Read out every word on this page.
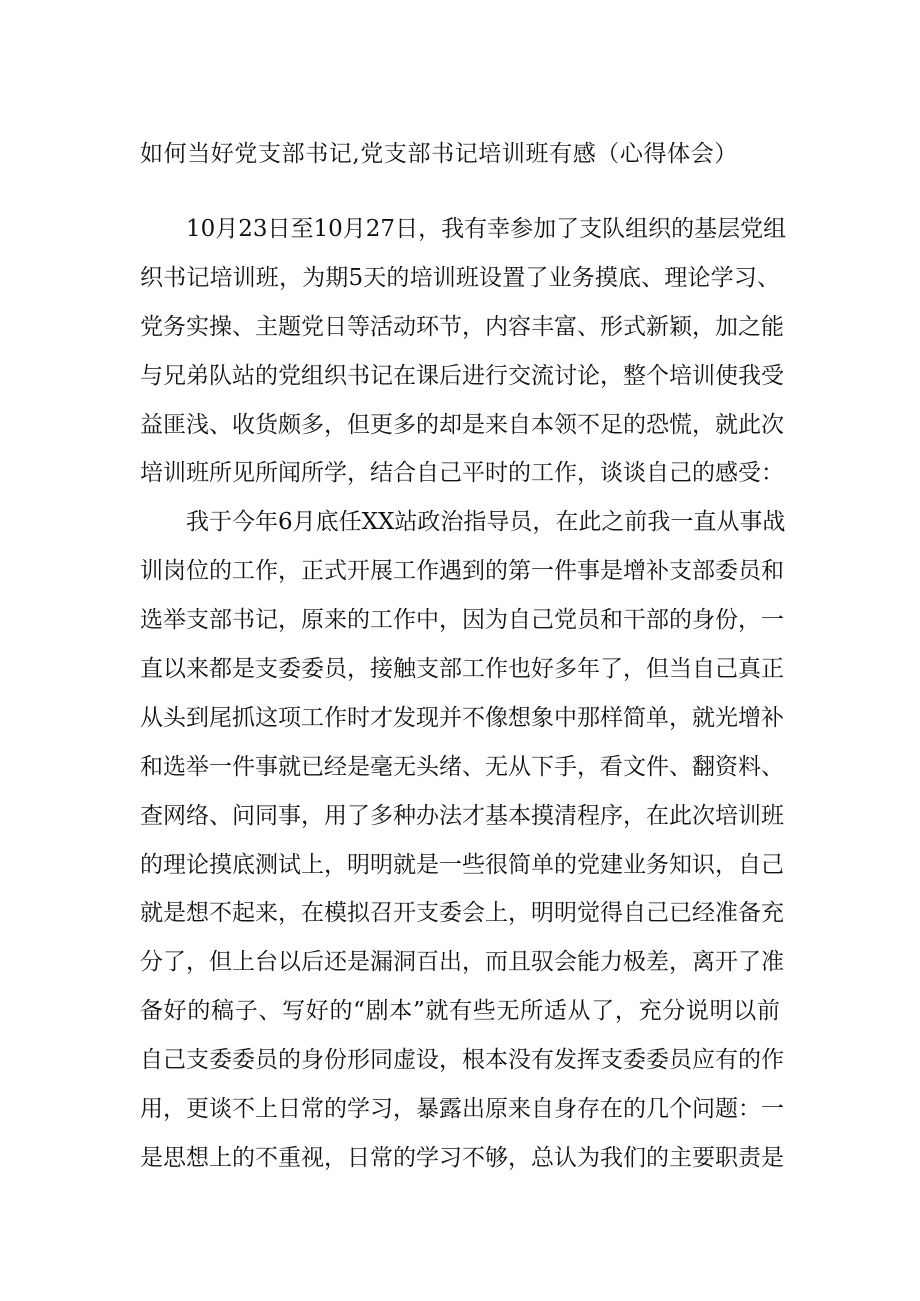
如何当好党支部书记,党支部书记培训班有感（心得体会）
10月23日至10月27日，我有幸参加了支队组织的基层党组
织书记培训班，为期5天的培训班设置了业务摸底、理论学习、
党务实操、主题党日等活动环节，内容丰富、形式新颖，加之能
与兄弟队站的党组织书记在课后进行交流讨论，整个培训使我受
益匪浅、收货颇多，但更多的却是来自本领不足的恐慌，就此次
培训班所见所闻所学，结合自己平时的工作，谈谈自己的感受：
我于今年6月底任XX站政治指导员，在此之前我一直从事战
训岗位的工作，正式开展工作遇到的第一件事是增补支部委员和
选举支部书记，原来的工作中，因为自己党员和干部的身份，一
直以来都是支委委员，接触支部工作也好多年了，但当自己真正
从头到尾抓这项工作时才发现并不像想象中那样简单，就光增补
和选举一件事就已经是毫无头绪、无从下手，看文件、翻资料、
查网络、问同事，用了多种办法才基本摸清程序，在此次培训班
的理论摸底测试上，明明就是一些很简单的党建业务知识，自己
就是想不起来，在模拟召开支委会上，明明觉得自己已经准备充
分了，但上台以后还是漏洞百出，而且驭会能力极差，离开了准
备好的稿子、写好的“剧本”就有些无所适从了，充分说明以前
自己支委委员的身份形同虚设，根本没有发挥支委委员应有的作
用，更谈不上日常的学习，暴露出原来自身存在的几个问题：一
是思想上的不重视，日常的学习不够，总认为我们的主要职责是
